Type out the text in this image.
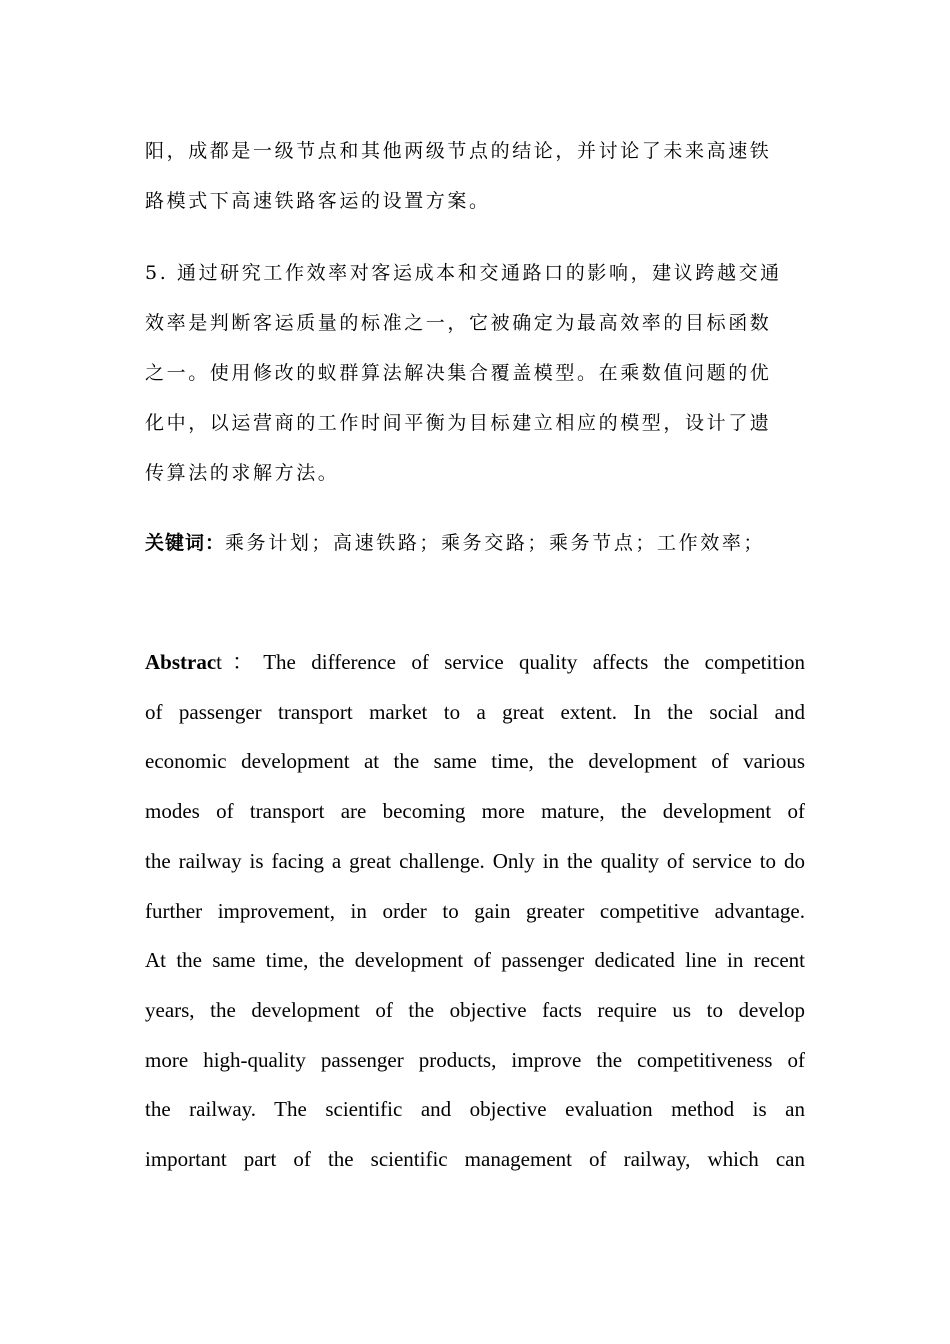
阳，成都是一级节点和其他两级节点的结论，并讨论了未来高速铁

路模式下高速铁路客运的设置方案。

5. 通过研究工作效率对客运成本和交通路口的影响，建议跨越交通

效率是判断客运质量的标准之一，它被确定为最高效率的目标函数

之一。使用修改的蚁群算法解决集合覆盖模型。在乘数值问题的优

化中，以运营商的工作时间平衡为目标建立相应的模型，设计了遗

传算法的求解方法。

关键词：乘务计划；高速铁路；乘务交路；乘务节点；工作效率；

Abstract：The difference of service quality affects the competition
of passenger transport market to a great extent. In the social and
economic development at the same time, the development of various
modes of transport are becoming more mature, the development of
the railway is facing a great challenge. Only in the quality of service to do
further improvement, in order to gain greater competitive advantage.
At the same time, the development of passenger dedicated line in recent
years, the development of the objective facts require us to develop
more high-quality passenger products, improve the competitiveness of
the railway. The scientific and objective evaluation method is an
important part of the scientific management of railway, which can
